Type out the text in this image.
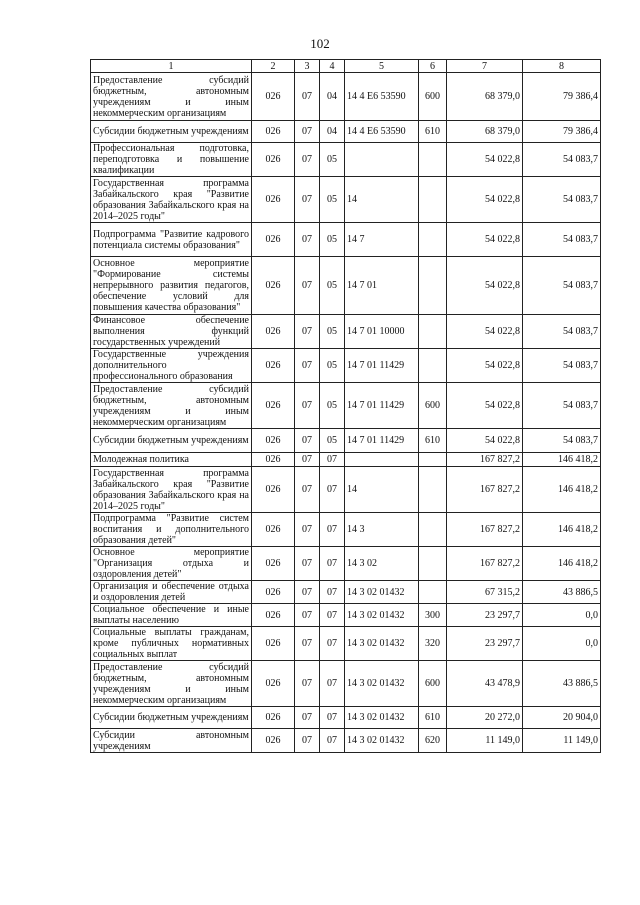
102
1	2	3	4	5	6	7	8
Предоставление субсидий бюджетным, автономным учреждениям и иным некоммерческим организациям	026	07	04	14 4 E6 53590	600	68 379,0	79 386,4
Субсидии бюджетным учреждениям	026	07	04	14 4 E6 53590	610	68 379,0	79 386,4
Профессиональная подготовка, переподготовка и повышение квалификации	026	07	05			54 022,8	54 083,7
Государственная программа Забайкальского края "Развитие образования Забайкальского края на 2014–2025 годы"	026	07	05	14		54 022,8	54 083,7
Подпрограмма "Развитие кадрового потенциала системы образования"	026	07	05	14 7		54 022,8	54 083,7
Основное мероприятие "Формирование системы непрерывного развития педагогов, обеспечение условий для повышения качества образования"	026	07	05	14 7 01		54 022,8	54 083,7
Финансовое обеспечение выполнения функций государственных учреждений	026	07	05	14 7 01 10000		54 022,8	54 083,7
Государственные учреждения дополнительного профессионального образования	026	07	05	14 7 01 11429		54 022,8	54 083,7
Предоставление субсидий бюджетным, автономным учреждениям и иным некоммерческим организациям	026	07	05	14 7 01 11429	600	54 022,8	54 083,7
Субсидии бюджетным учреждениям	026	07	05	14 7 01 11429	610	54 022,8	54 083,7
Молодежная политика	026	07	07			167 827,2	146 418,2
Государственная программа Забайкальского края "Развитие образования Забайкальского края на 2014–2025 годы"	026	07	07	14		167 827,2	146 418,2
Подпрограмма "Развитие систем воспитания и дополнительного образования детей"	026	07	07	14 3		167 827,2	146 418,2
Основное мероприятие "Организация отдыха и оздоровления детей"	026	07	07	14 3 02		167 827,2	146 418,2
Организация и обеспечение отдыха и оздоровления детей	026	07	07	14 3 02 01432		67 315,2	43 886,5
Социальное обеспечение и иные выплаты населению	026	07	07	14 3 02 01432	300	23 297,7	0,0
Социальные выплаты гражданам, кроме публичных нормативных социальных выплат	026	07	07	14 3 02 01432	320	23 297,7	0,0
Предоставление субсидий бюджетным, автономным учреждениям и иным некоммерческим организациям	026	07	07	14 3 02 01432	600	43 478,9	43 886,5
Субсидии бюджетным учреждениям	026	07	07	14 3 02 01432	610	20 272,0	20 904,0
Субсидии автономным учреждениям	026	07	07	14 3 02 01432	620	11 149,0	11 149,0
